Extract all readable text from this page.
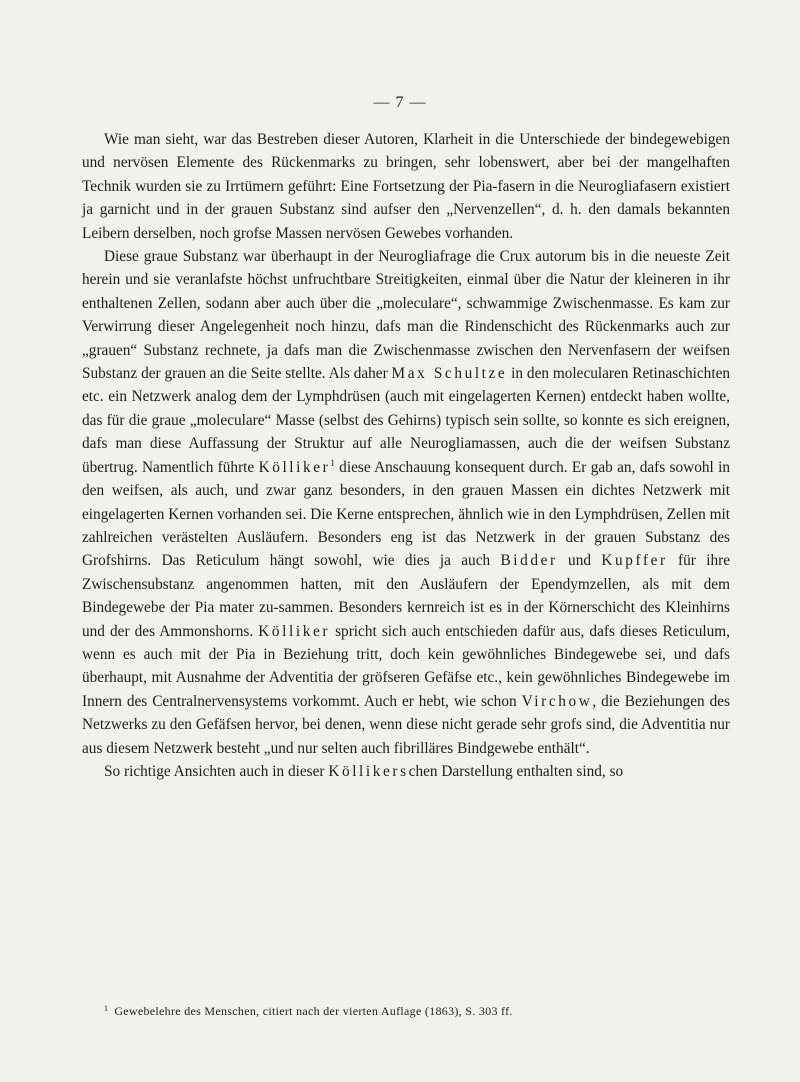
— 7 —

Wie man sieht, war das Bestreben dieser Autoren, Klarheit in die Unterschiede der bindegewebigen und nervösen Elemente des Rückenmarks zu bringen, sehr lobenswert, aber bei der mangelhaften Technik wurden sie zu Irrtümern geführt: Eine Fortsetzung der Pia-fasern in die Neurogliafasern existiert ja garnicht und in der grauen Substanz sind aufser den „Nervenzellen“, d. h. den damals bekannten Leibern derselben, noch grofse Massen nervösen Gewebes vorhanden.

Diese graue Substanz war überhaupt in der Neurogliafrage die Crux autorum bis in die neueste Zeit herein und sie veranlafste höchst unfruchtbare Streitigkeiten, einmal über die Natur der kleineren in ihr enthaltenen Zellen, sodann aber auch über die „moleculare“, schwammige Zwischenmasse. Es kam zur Verwirrung dieser Angelegenheit noch hinzu, dafs man die Rindenschicht des Rückenmarks auch zur „grauen“ Substanz rechnete, ja dafs man die Zwischenmasse zwischen den Nervenfasern der weifsen Substanz der grauen an die Seite stellte. Als daher Max Schultze in den molecularen Retinaschichten etc. ein Netzwerk analog dem der Lymphdrüsen (auch mit eingelagerten Kernen) entdeckt haben wollte, das für die graue „moleculare“ Masse (selbst des Gehirns) typisch sein sollte, so konnte es sich ereignen, dafs man diese Auffassung der Struktur auf alle Neurogliamassen, auch die der weifsen Substanz übertrug. Namentlich führte Kölliker$^1$ diese Anschauung konsequent durch. Er gab an, dafs sowohl in den weifsen, als auch, und zwar ganz besonders, in den grauen Massen ein dichtes Netzwerk mit eingelagerten Kernen vorhanden sei. Die Kerne entsprechen, ähnlich wie in den Lymphdrüsen, Zellen mit zahlreichen verästelten Ausläufern. Besonders eng ist das Netzwerk in der grauen Substanz des Grofshirns. Das Reticulum hängt sowohl, wie dies ja auch Bidder und Kupffer für ihre Zwischensubstanz angenommen hatten, mit den Ausläufern der Ependymzellen, als mit dem Bindegewebe der Pia mater zu-sammen. Besonders kernreich ist es in der Körnerschicht des Kleinhirns und der des Ammonshorns. Kölliker spricht sich auch entschieden dafür aus, dafs dieses Reticulum, wenn es auch mit der Pia in Beziehung tritt, doch kein gewöhnliches Bindegewebe sei, und dafs überhaupt, mit Ausnahme der Adventitia der gröfseren Gefäfse etc., kein gewöhnliches Bindegewebe im Innern des Centralnervensystems vorkommt. Auch er hebt, wie schon Virchow, die Beziehungen des Netzwerks zu den Gefäfsen hervor, bei denen, wenn diese nicht gerade sehr grofs sind, die Adventitia nur aus diesem Netzwerk besteht „und nur selten auch fibrilläres Bindgewebe enthält“.

So richtige Ansichten auch in dieser Köllikerschen Darstellung enthalten sind, so

$^1$ Gewebelehre des Menschen, citiert nach der vierten Auflage (1863), S. 303 ff.
